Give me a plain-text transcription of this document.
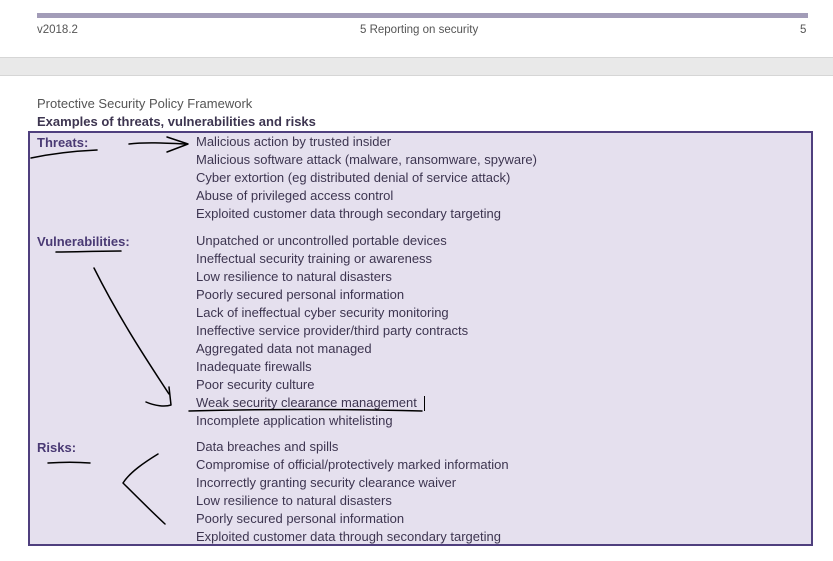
v2018.2	5 Reporting on security	5
Protective Security Policy Framework
Examples of threats, vulnerabilities and risks
Threats:	Malicious action by trusted insider
Malicious software attack (malware, ransomware, spyware)
Cyber extortion (eg distributed denial of service attack)
Abuse of privileged access control
Exploited customer data through secondary targeting
Vulnerabilities:	Unpatched or uncontrolled portable devices
Ineffectual security training or awareness
Low resilience to natural disasters
Poorly secured personal information
Lack of ineffectual cyber security monitoring
Ineffective service provider/third party contracts
Aggregated data not managed
Inadequate firewalls
Poor security culture
Weak security clearance management
Incomplete application whitelisting
Risks:	Data breaches and spills
Compromise of official/protectively marked information
Incorrectly granting security clearance waiver
Low resilience to natural disasters
Poorly secured personal information
Exploited customer data through secondary targeting
